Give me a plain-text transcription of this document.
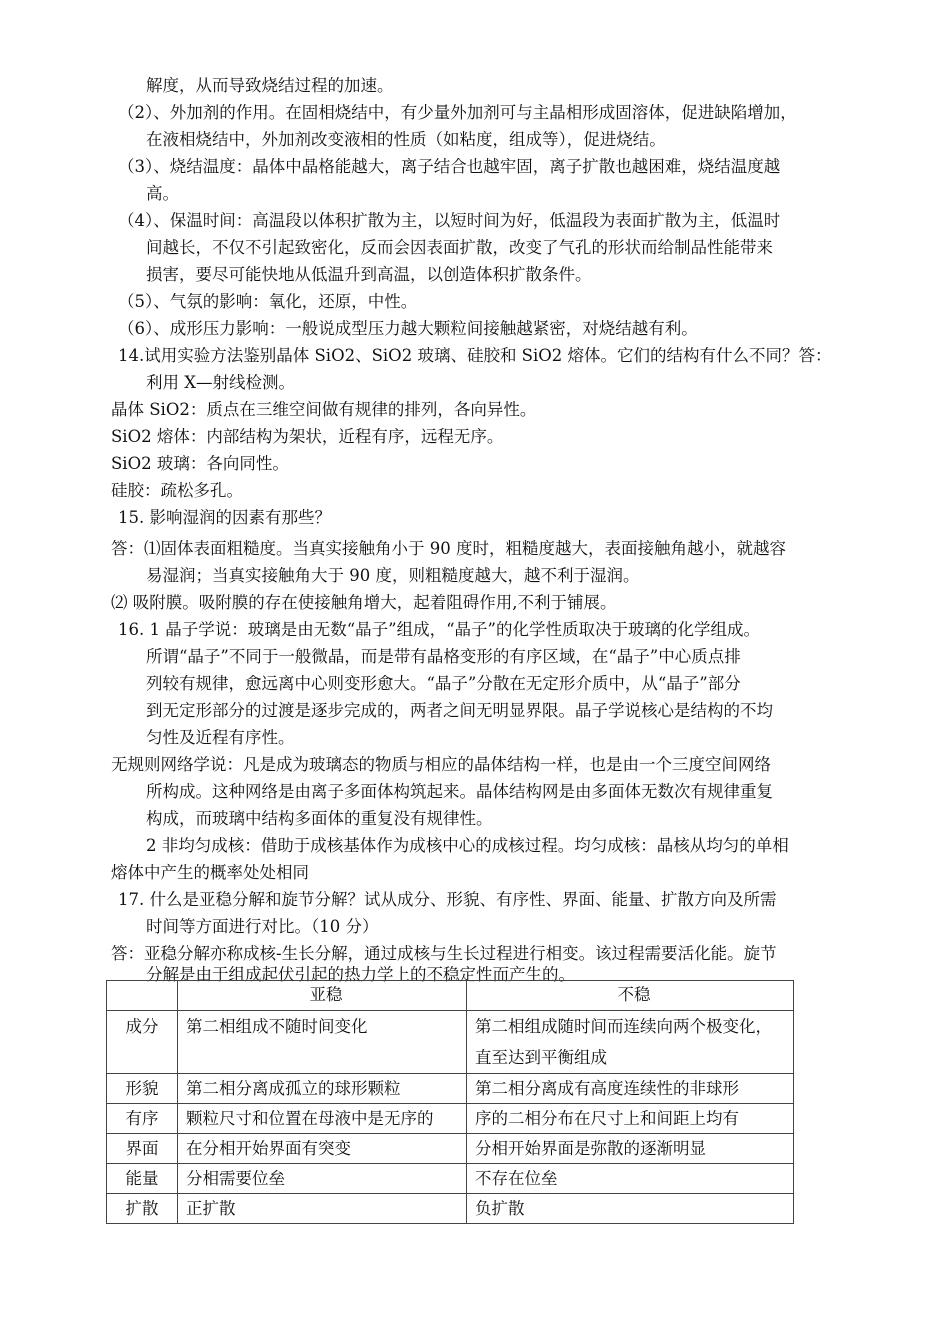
解度，从而导致烧结过程的加速。
（2）、外加剂的作用。在固相烧结中，有少量外加剂可与主晶相形成固溶体，促进缺陷增加，
在液相烧结中，外加剂改变液相的性质（如粘度，组成等），促进烧结。
（3）、烧结温度：晶体中晶格能越大，离子结合也越牢固，离子扩散也越困难，烧结温度越
高。
（4）、保温时间：高温段以体积扩散为主，以短时间为好，低温段为表面扩散为主，低温时
间越长，不仅不引起致密化，反而会因表面扩散，改变了气孔的形状而给制品性能带来
损害，要尽可能快地从低温升到高温，以创造体积扩散条件。
（5）、气氛的影响：氧化，还原，中性。
（6）、成形压力影响：一般说成型压力越大颗粒间接触越紧密，对烧结越有利。
14.试用实验方法鉴别晶体 SiO2、SiO2 玻璃、硅胶和 SiO2 熔体。它们的结构有什么不同？答：
利用 X—射线检测。
晶体 SiO2：质点在三维空间做有规律的排列，各向异性。
SiO2 熔体：内部结构为架状，近程有序，远程无序。
SiO2 玻璃：各向同性。
硅胶：疏松多孔。
15. 影响湿润的因素有那些？
答：⑴固体表面粗糙度。当真实接触角小于 90 度时，粗糙度越大，表面接触角越小，就越容
易湿润；当真实接触角大于 90 度，则粗糙度越大，越不利于湿润。
⑵ 吸附膜。吸附膜的存在使接触角增大，起着阻碍作用,不利于铺展。
16. 1 晶子学说：玻璃是由无数“晶子”组成，“晶子”的化学性质取决于玻璃的化学组成。
所谓“晶子”不同于一般微晶，而是带有晶格变形的有序区域，在“晶子”中心质点排
列较有规律，愈远离中心则变形愈大。“晶子”分散在无定形介质中，从“晶子”部分
到无定形部分的过渡是逐步完成的，两者之间无明显界限。晶子学说核心是结构的不均
匀性及近程有序性。
无规则网络学说：凡是成为玻璃态的物质与相应的晶体结构一样，也是由一个三度空间网络
所构成。这种网络是由离子多面体构筑起来。晶体结构网是由多面体无数次有规律重复
构成，而玻璃中结构多面体的重复没有规律性。
2 非均匀成核：借助于成核基体作为成核中心的成核过程。均匀成核：晶核从均匀的单相
熔体中产生的概率处处相同
17. 什么是亚稳分解和旋节分解？试从成分、形貌、有序性、界面、能量、扩散方向及所需
时间等方面进行对比。（10 分）
答：亚稳分解亦称成核-生长分解，通过成核与生长过程进行相变。该过程需要活化能。旋节
分解是由于组成起伏引起的热力学上的不稳定性而产生的。
	亚稳	不稳

成分	第二相组成不随时间变化	第二相组成随时间而连续向两个极变化，直至达到平衡组成

形貌	第二相分离成孤立的球形颗粒	第二相分离成有高度连续性的非球形

有序	颗粒尺寸和位置在母液中是无序的	序的二相分布在尺寸上和间距上均有

界面	在分相开始界面有突变	分相开始界面是弥散的逐渐明显

能量	分相需要位垒	不存在位垒

扩散	正扩散	负扩散
